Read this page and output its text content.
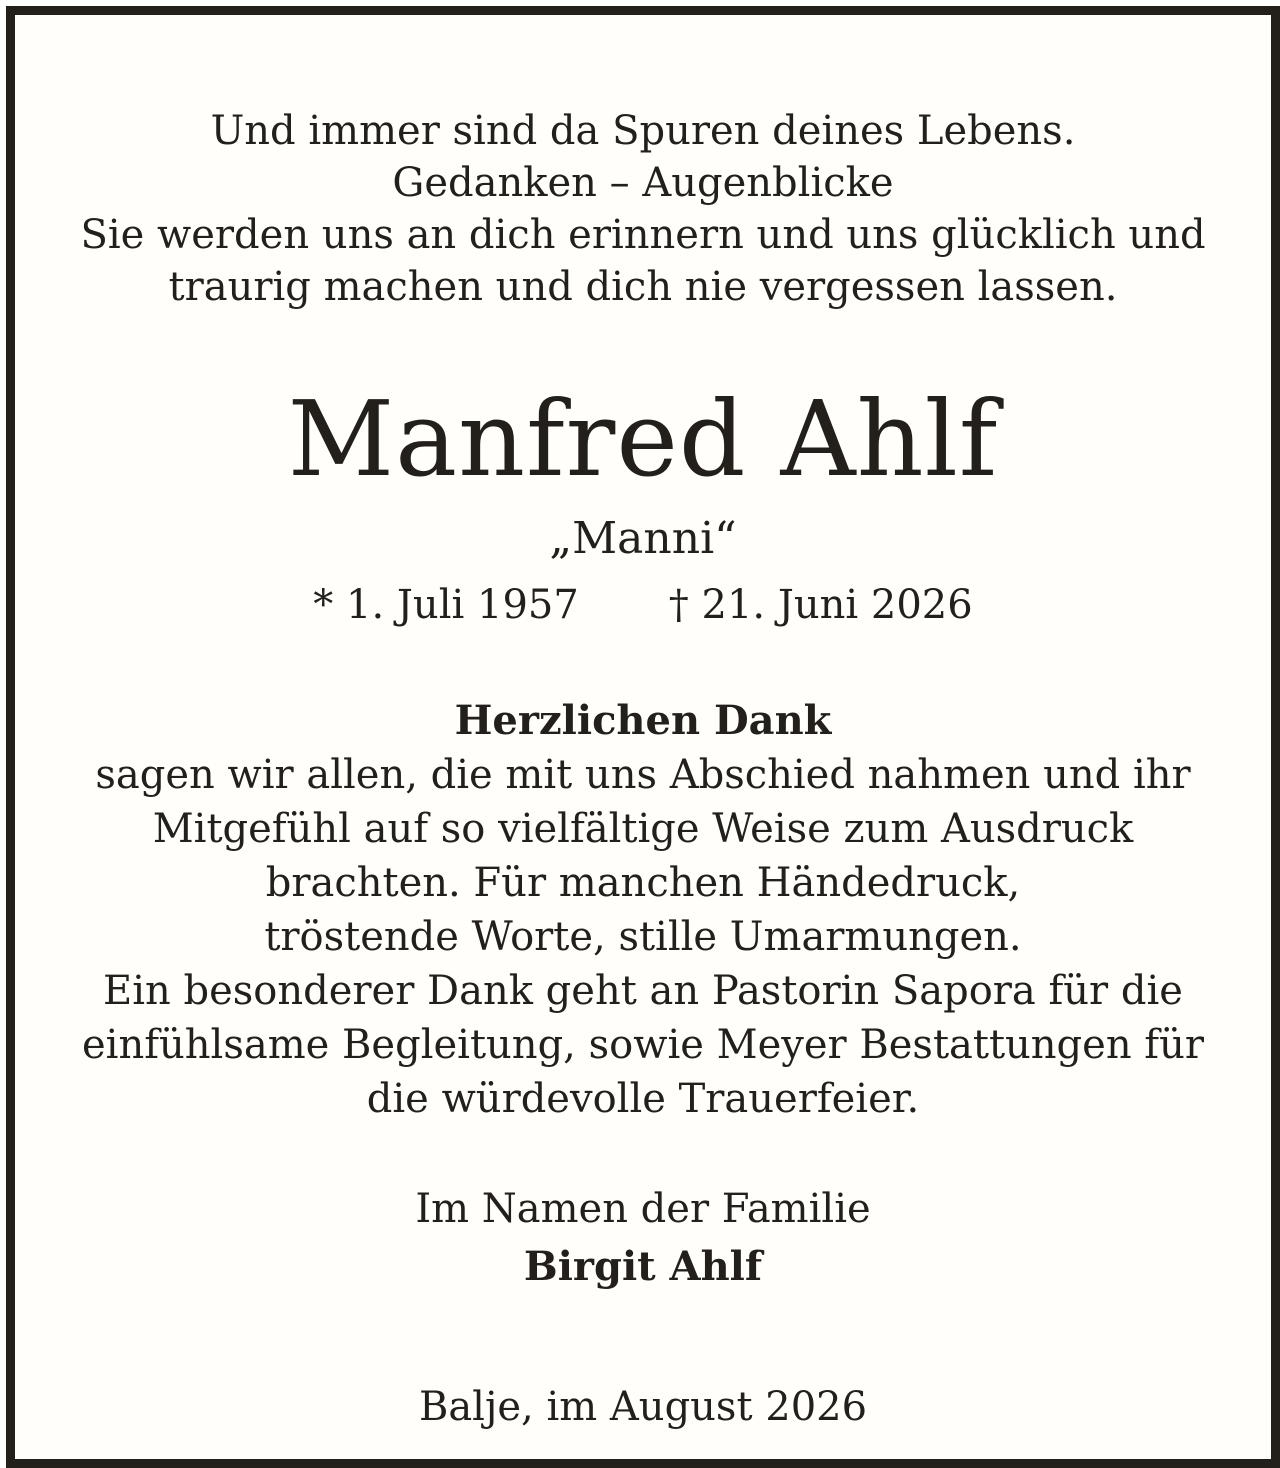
Und immer sind da Spuren deines Lebens.
Gedanken – Augenblicke
Sie werden uns an dich erinnern und uns glücklich und
traurig machen und dich nie vergessen lassen.
Manfred Ahlf
„Manni“
* 1. Juli 1957 † 21. Juni 2026
Herzlichen Dank
sagen wir allen, die mit uns Abschied nahmen und ihr
Mitgefühl auf so vielfältige Weise zum Ausdruck
brachten. Für manchen Händedruck,
tröstende Worte, stille Umarmungen.
Ein besonderer Dank geht an Pastorin Sapora für die
einfühlsame Begleitung, sowie Meyer Bestattungen für
die würdevolle Trauerfeier.
Im Namen der Familie
Birgit Ahlf
Balje, im August 2026
